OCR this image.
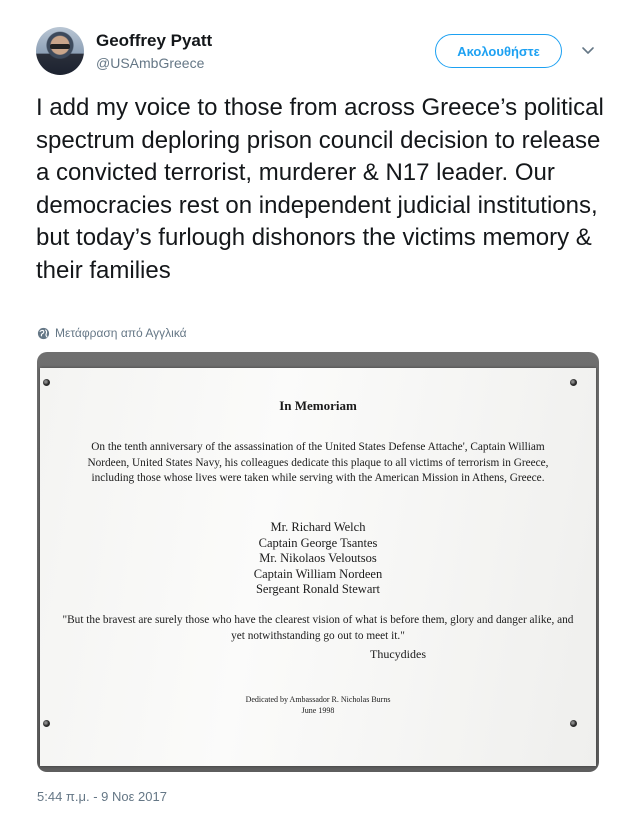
Geoffrey Pyatt
@USAmbGreece
Ακολουθήστε

I add my voice to those from across Greece’s political spectrum deploring prison council decision to release a convicted terrorist, murderer & N17 leader. Our democracies rest on independent judicial institutions, but today’s furlough dishonors the victims memory & their families

Μετάφραση από Αγγλικά
In Memoriam

On the tenth anniversary of the assassination of the United States Defense Attache', Captain William Nordeen, United States Navy, his colleagues dedicate this plaque to all victims of terrorism in Greece, including those whose lives were taken while serving with the American Mission in Athens, Greece.

Mr. Richard Welch
Captain George Tsantes
Mr. Nikolaos Veloutsos
Captain William Nordeen
Sergeant Ronald Stewart

"But the bravest are surely those who have the clearest vision of what is before them, glory and danger alike, and yet notwithstanding go out to meet it."

Thucydides
Dedicated by Ambassador R. Nicholas Burns
June 1998
5:44 π.μ. - 9 Νοε 2017
